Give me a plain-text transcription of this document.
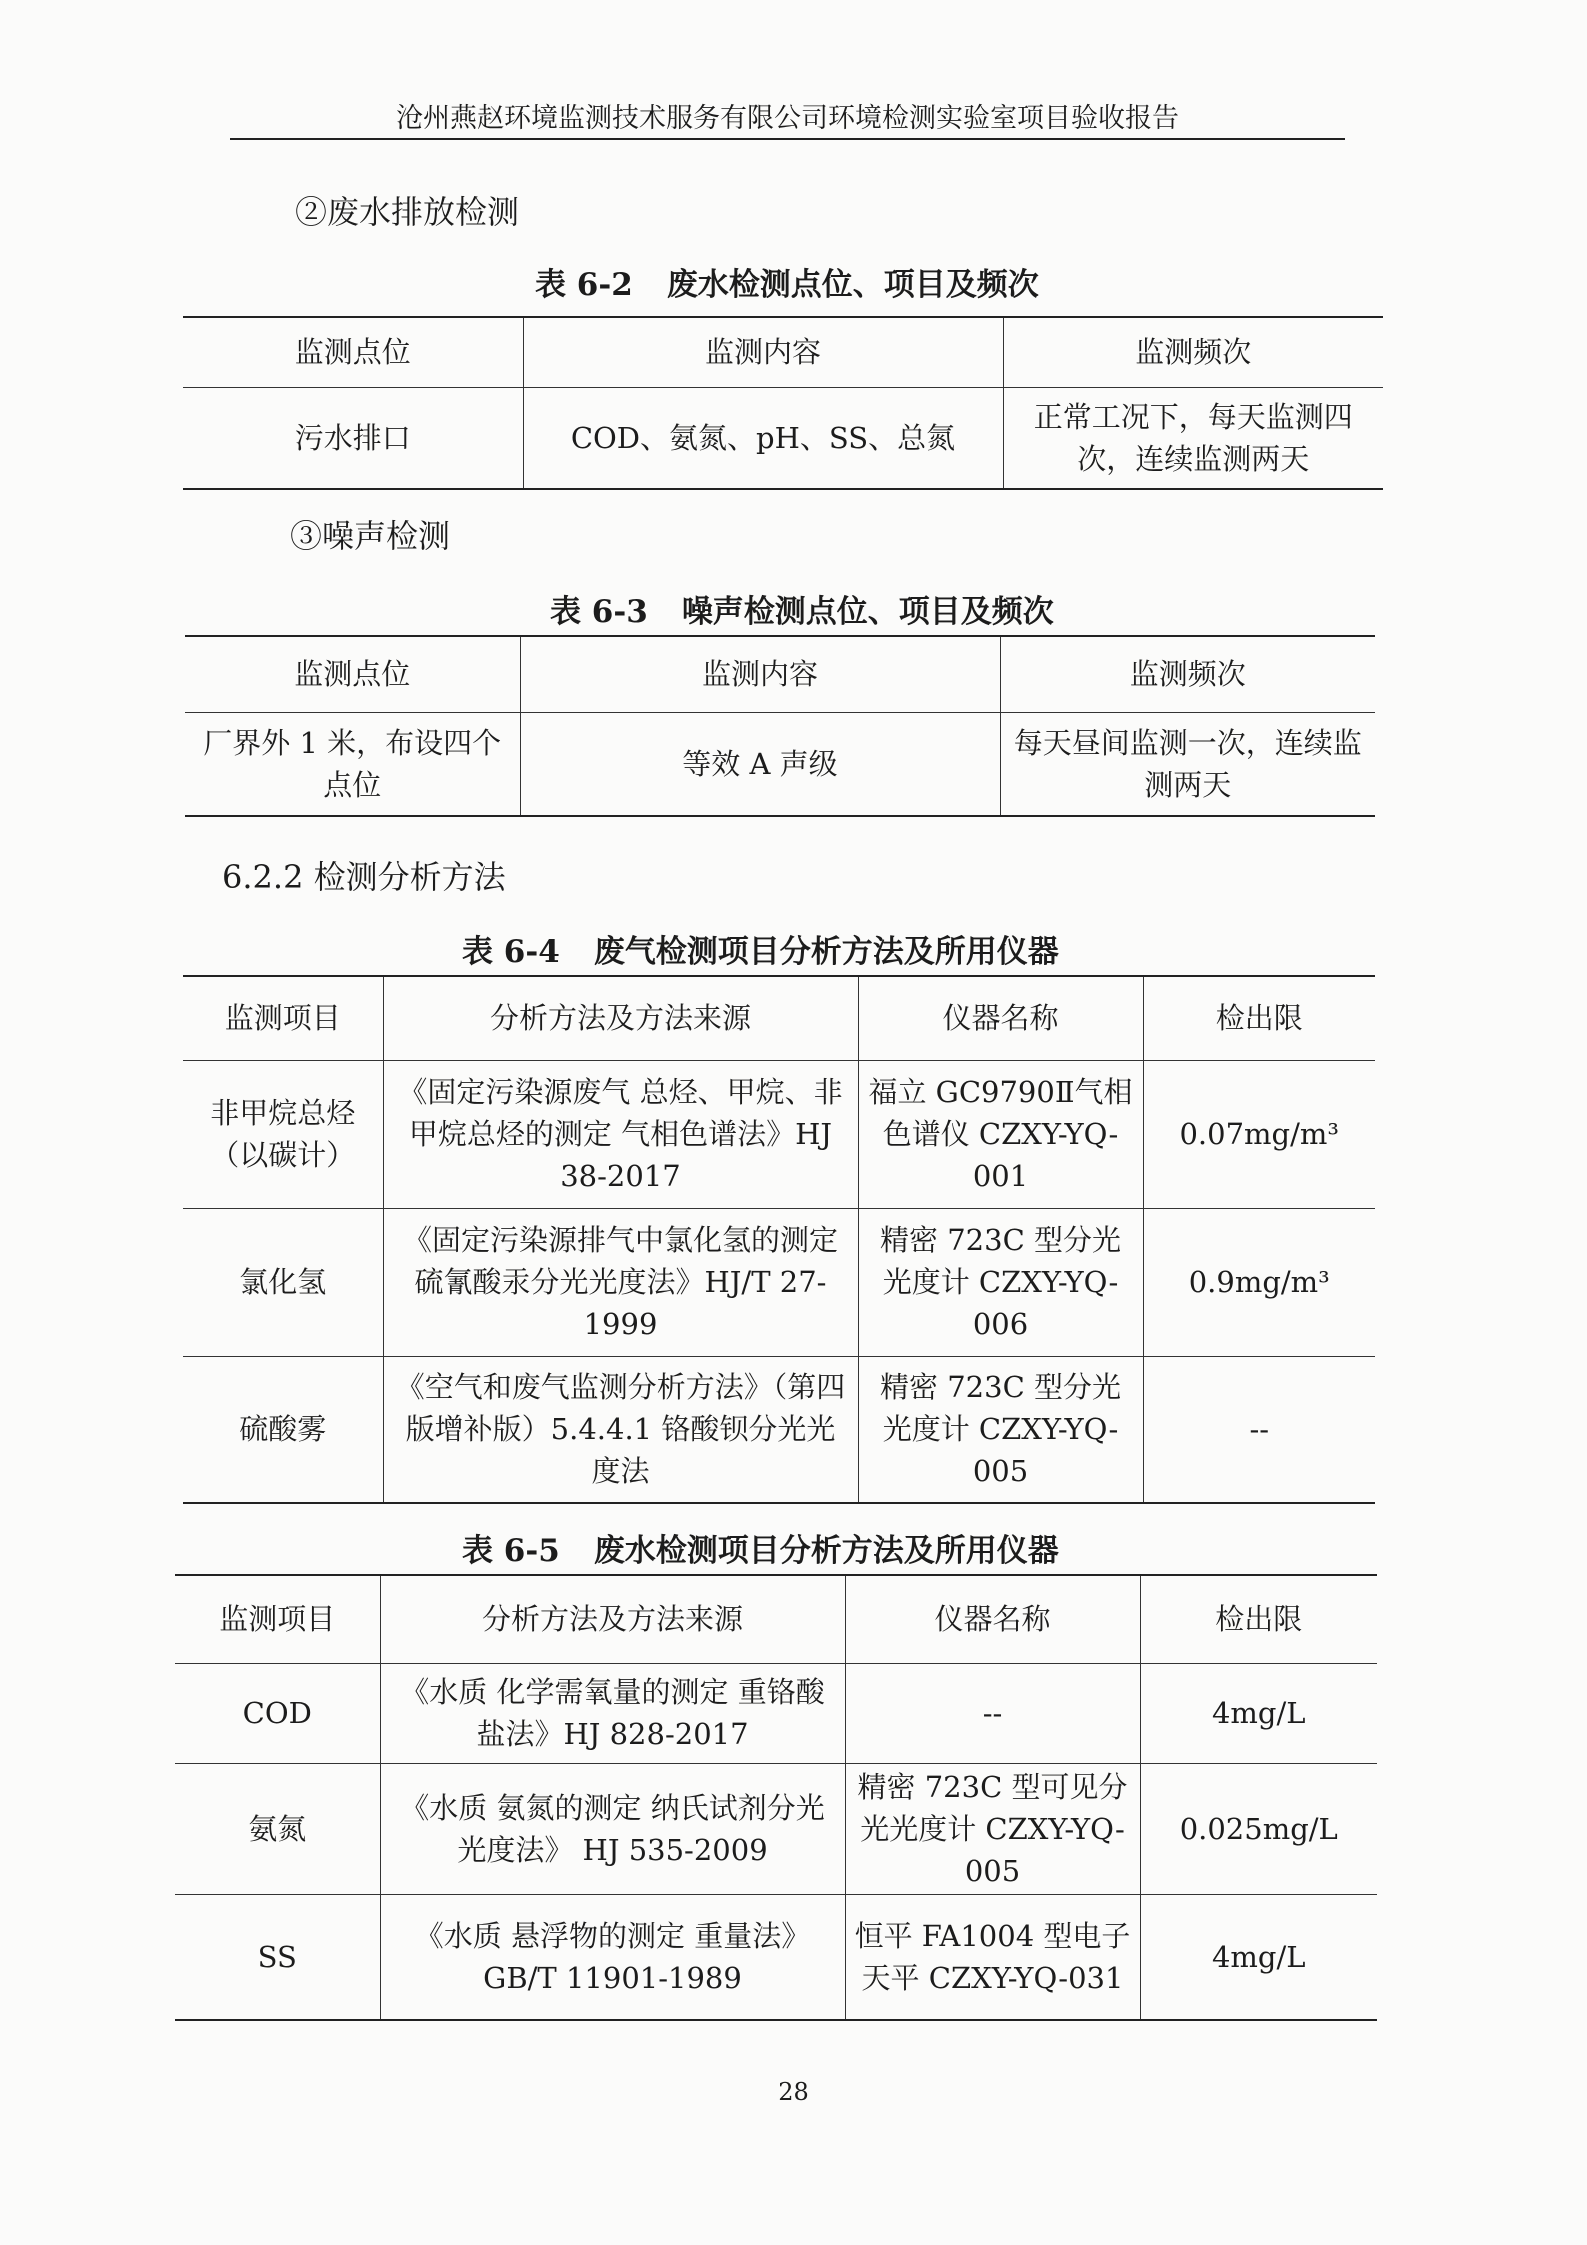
沧州燕赵环境监测技术服务有限公司环境检测实验室项目验收报告
②废水排放检测
表 6-2 废水检测点位、项目及频次
监测点位	监测内容	监测频次
污水排口	COD、氨氮、pH、SS、总氮	正常工况下，每天监测四次，连续监测两天
③噪声检测
表 6-3 噪声检测点位、项目及频次
监测点位	监测内容	监测频次
厂界外 1 米，布设四个点位	等效 A 声级	每天昼间监测一次，连续监测两天
6.2.2 检测分析方法
表 6-4 废气检测项目分析方法及所用仪器
监测项目	分析方法及方法来源	仪器名称	检出限
非甲烷总烃（以碳计）	《固定污染源废气 总烃、甲烷、非甲烷总烃的测定 气相色谱法》HJ 38-2017	福立 GC9790Ⅱ气相色谱仪 CZXY-YQ-001	0.07mg/m³
氯化氢	《固定污染源排气中氯化氢的测定 硫氰酸汞分光光度法》HJ/T 27-1999	精密 723C 型分光光度计 CZXY-YQ-006	0.9mg/m³
硫酸雾	《空气和废气监测分析方法》（第四版增补版）5.4.4.1 铬酸钡分光光度法	精密 723C 型分光光度计 CZXY-YQ-005	--
表 6-5 废水检测项目分析方法及所用仪器
监测项目	分析方法及方法来源	仪器名称	检出限
COD	《水质 化学需氧量的测定 重铬酸盐法》HJ 828-2017	--	4mg/L
氨氮	《水质 氨氮的测定 纳氏试剂分光光度法》 HJ 535-2009	精密 723C 型可见分光光度计 CZXY-YQ-005	0.025mg/L
SS	《水质 悬浮物的测定 重量法》GB/T 11901-1989	恒平 FA1004 型电子天平 CZXY-YQ-031	4mg/L
28
